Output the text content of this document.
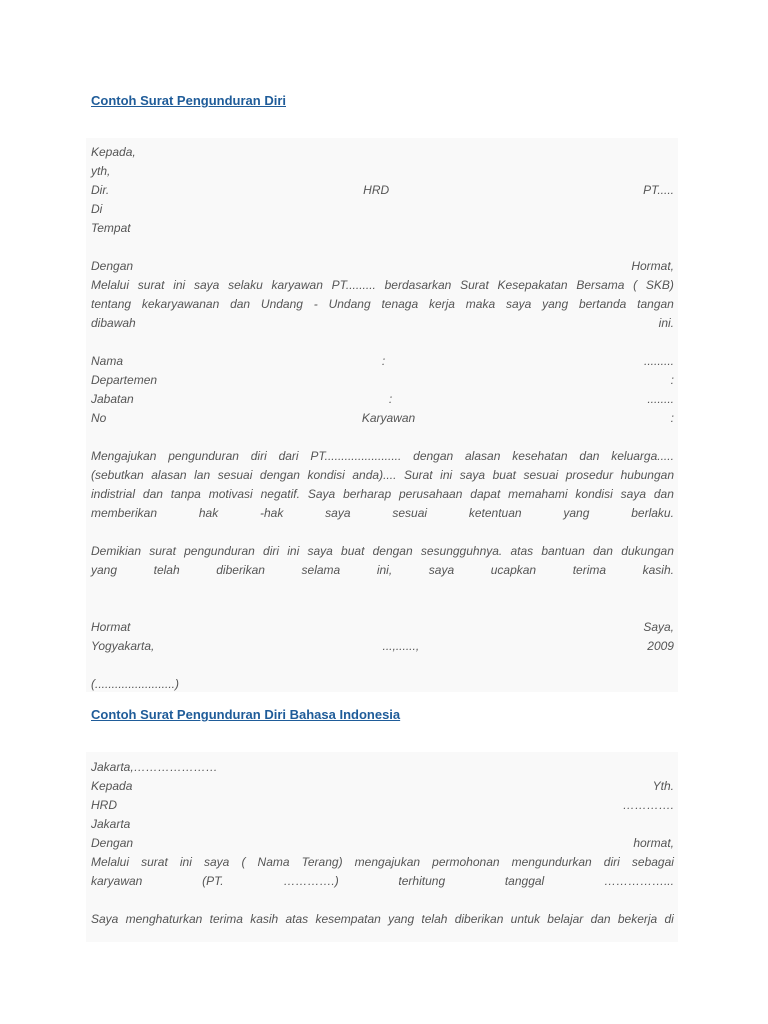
Contoh Surat Pengunduran Diri
Kepada,
yth,
Dir.	HRD	PT.....
Di
Tempat
Dengan	Hormat,
Melalui surat ini saya selaku karyawan PT......... berdasarkan Surat Kesepakatan Bersama ( SKB)
tentang kekaryawanan dan Undang - Undang tenaga kerja maka saya yang bertanda tangan
dibawah	ini.
Nama	:	.........
Departemen	:
Jabatan	:	........
No	Karyawan	:
Mengajukan pengunduran diri dari PT....................... dengan alasan kesehatan dan keluarga.....
(sebutkan alasan lan sesuai dengan kondisi anda).... Surat ini saya buat sesuai prosedur hubungan
indistrial dan tanpa motivasi negatif. Saya berharap perusahaan dapat memahami kondisi saya dan
memberikan	hak	-hak	saya	sesuai	ketentuan	yang	berlaku.
Demikian surat pengunduran diri ini saya buat dengan sesungguhnya. atas bantuan dan dukungan
yang	telah	diberikan	selama	ini,	saya	ucapkan	terima	kasih.
Hormat	Saya,
Yogyakarta,	...,......,	2009
(........................)
Contoh Surat Pengunduran Diri Bahasa Indonesia
Jakarta,…………………
Kepada	Yth.
HRD	………….
Jakarta
Dengan	hormat,
Melalui surat ini saya ( Nama Terang) mengajukan permohonan mengundurkan diri sebagai
karyawan	(PT.	………….)	terhitung	tanggal	……………...
Saya menghaturkan terima kasih atas kesempatan yang telah diberikan untuk belajar dan bekerja di
